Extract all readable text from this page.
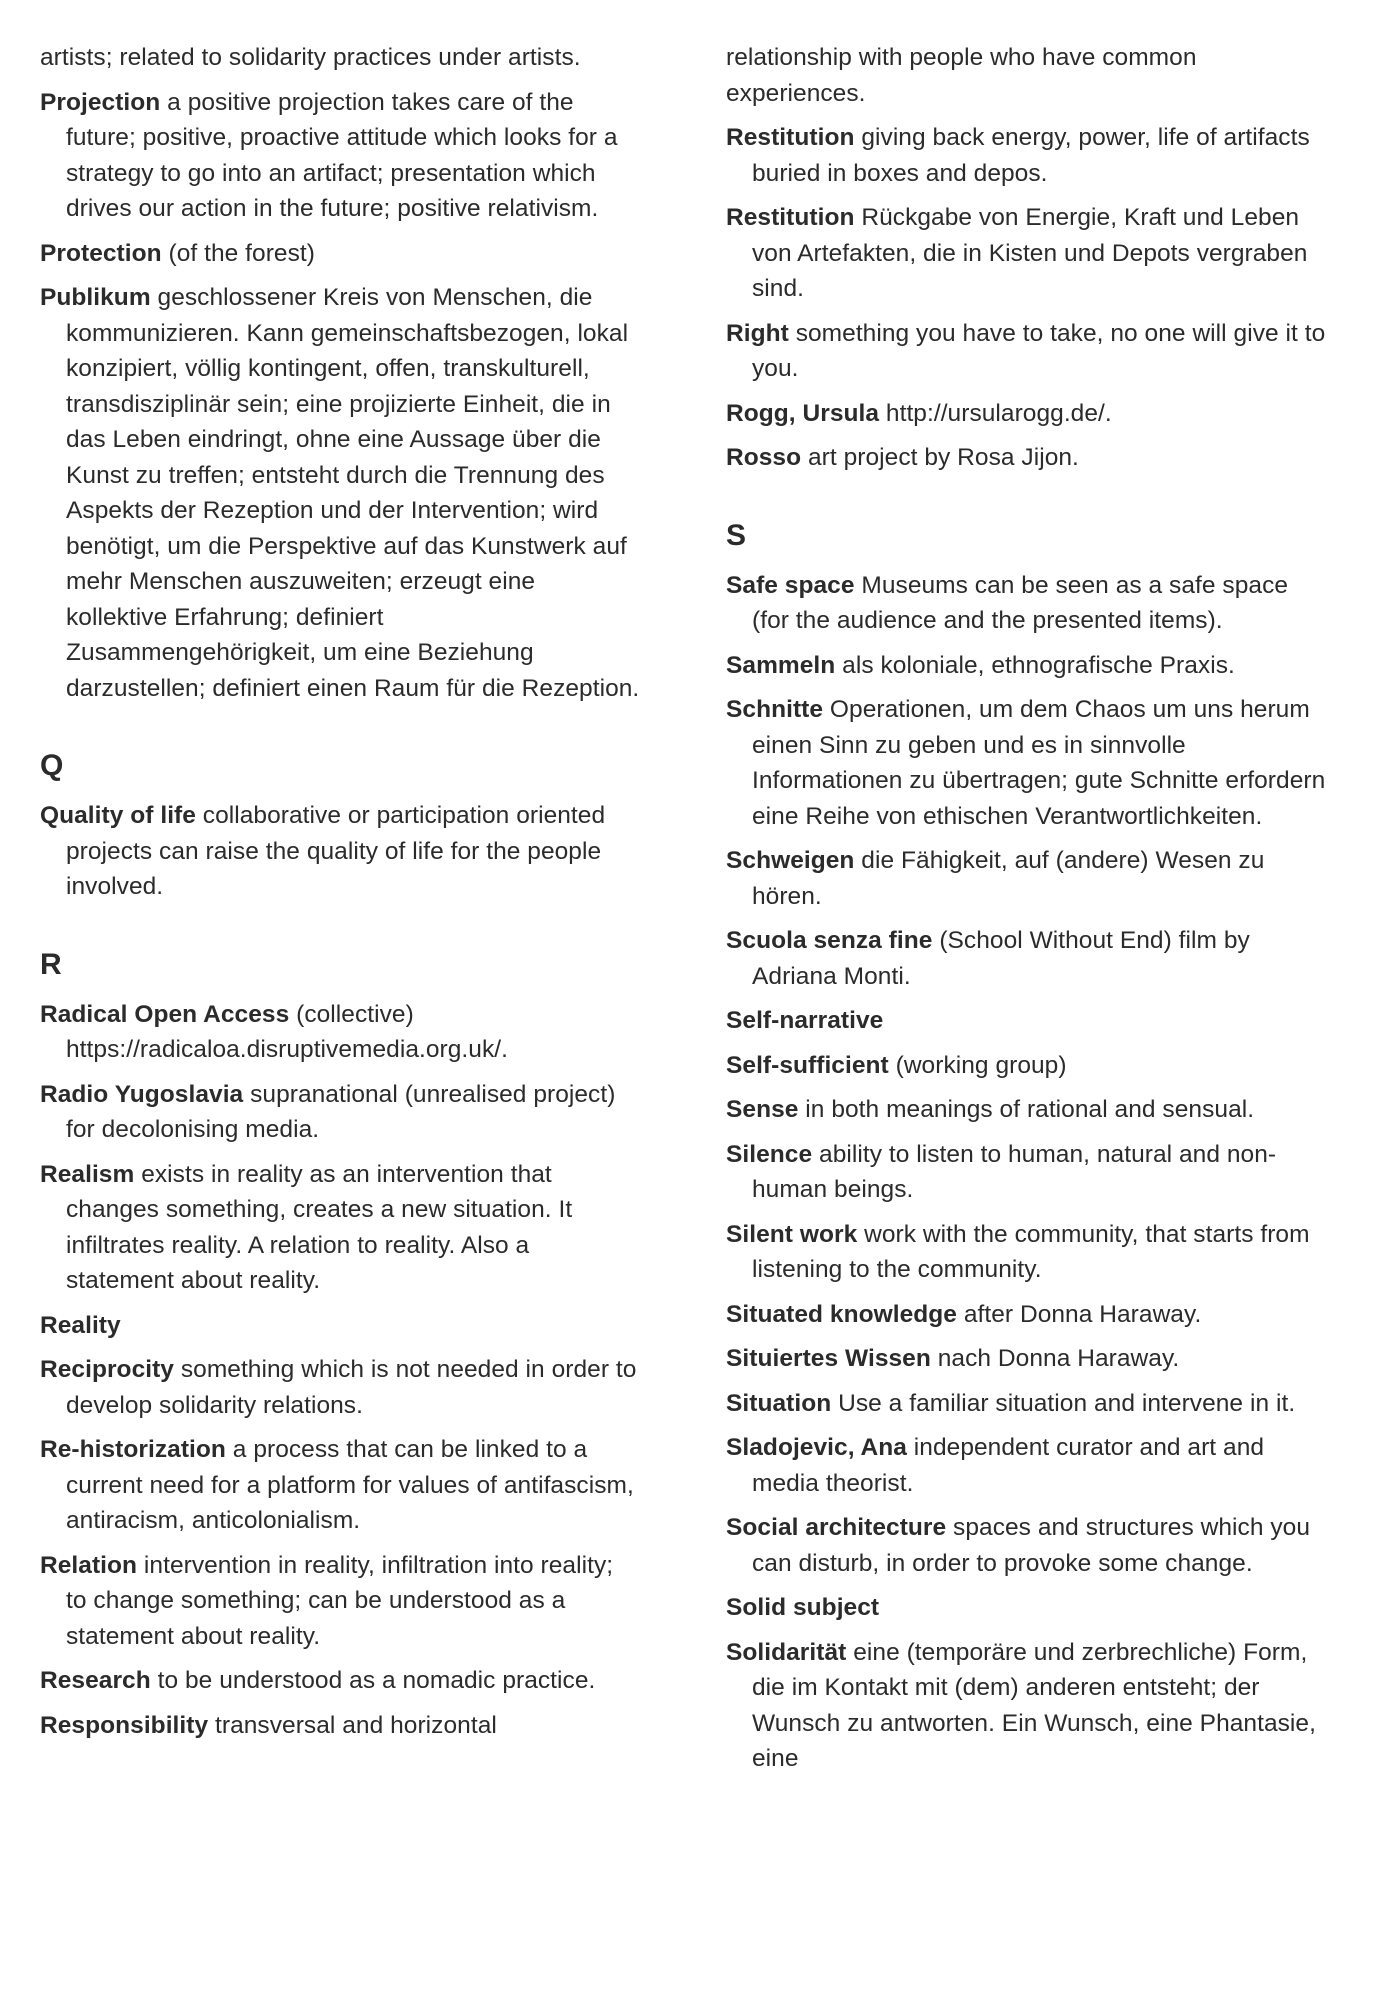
artists; related to solidarity practices under artists.

Projection a positive projection takes care of the future; positive, proactive attitude which looks for a strategy to go into an artifact; presentation which drives our action in the future; positive relativism.

Protection (of the forest)

Publikum geschlossener Kreis von Menschen, die kommunizieren. Kann gemeinschaftsbezogen, lokal konzipiert, völlig kontingent, offen, transkulturell, transdisziplinär sein; eine projizierte Einheit, die in das Leben eindringt, ohne eine Aussage über die Kunst zu treffen; entsteht durch die Trennung des Aspekts der Rezeption und der Intervention; wird benötigt, um die Perspektive auf das Kunstwerk auf mehr Menschen auszuweiten; erzeugt eine kollektive Erfahrung; definiert Zusammengehörigkeit, um eine Beziehung darzustellen; definiert einen Raum für die Rezeption.

Q

Quality of life collaborative or participation oriented projects can raise the quality of life for the people involved.

R

Radical Open Access (collective) https://radicaloa.disruptivemedia.org.uk/.

Radio Yugoslavia supranational (unrealised project) for decolonising media.

Realism exists in reality as an intervention that changes something, creates a new situation. It infiltrates reality. A relation to reality. Also a statement about reality.

Reality

Reciprocity something which is not needed in order to develop solidarity relations.

Re-historization a process that can be linked to a current need for a platform for values of antifascism, antiracism, anticolonialism.

Relation intervention in reality, infiltration into reality; to change something; can be understood as a statement about reality.

Research to be understood as a nomadic practice.

Responsibility transversal and horizontal

relationship with people who have common experiences.

Restitution giving back energy, power, life of artifacts buried in boxes and depos.

Restitution Rückgabe von Energie, Kraft und Leben von Artefakten, die in Kisten und Depots vergraben sind.

Right something you have to take, no one will give it to you.

Rogg, Ursula http://ursularogg.de/.

Rosso art project by Rosa Jijon.

S

Safe space Museums can be seen as a safe space (for the audience and the presented items).

Sammeln als koloniale, ethnografische Praxis.

Schnitte Operationen, um dem Chaos um uns herum einen Sinn zu geben und es in sinnvolle Informationen zu übertragen; gute Schnitte erfordern eine Reihe von ethischen Verantwortlichkeiten.

Schweigen die Fähigkeit, auf (andere) Wesen zu hören.

Scuola senza fine (School Without End) film by Adriana Monti.

Self-narrative

Self-sufficient (working group)

Sense in both meanings of rational and sensual.

Silence ability to listen to human, natural and non-human beings.

Silent work work with the community, that starts from listening to the community.

Situated knowledge after Donna Haraway.

Situiertes Wissen nach Donna Haraway.

Situation Use a familiar situation and intervene in it.

Sladojevic, Ana independent curator and art and media theorist.

Social architecture spaces and structures which you can disturb, in order to provoke some change.

Solid subject

Solidarität eine (temporäre und zerbrechliche) Form, die im Kontakt mit (dem) anderen entsteht; der Wunsch zu antworten. Ein Wunsch, eine Phantasie, eine
